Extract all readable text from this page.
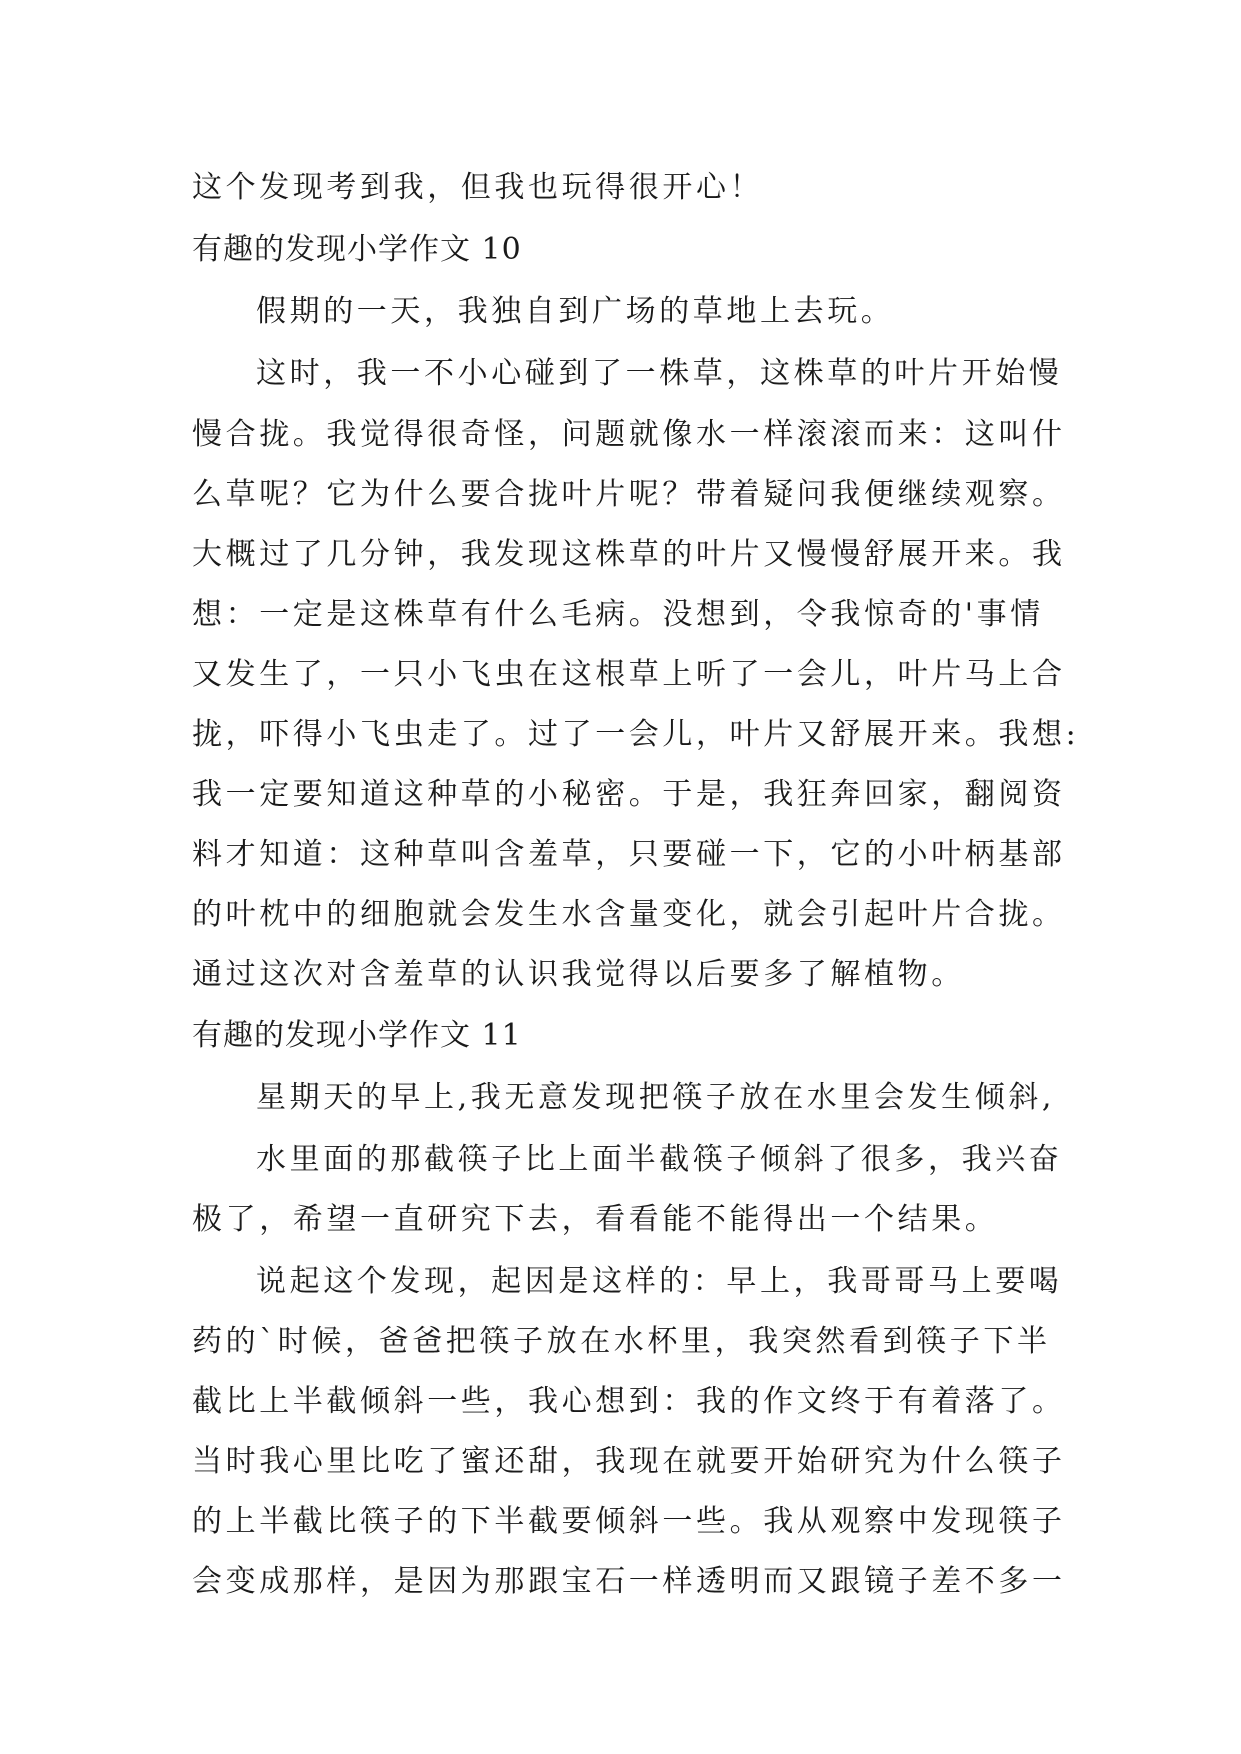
这个发现考到我，但我也玩得很开心！
有趣的发现小学作文 10
假期的一天，我独自到广场的草地上去玩。
这时，我一不小心碰到了一株草，这株草的叶片开始慢
慢合拢。我觉得很奇怪，问题就像水一样滚滚而来：这叫什
么草呢？它为什么要合拢叶片呢？带着疑问我便继续观察。
大概过了几分钟，我发现这株草的叶片又慢慢舒展开来。我
想：一定是这株草有什么毛病。没想到，令我惊奇的'事情
又发生了，一只小飞虫在这根草上听了一会儿，叶片马上合
拢，吓得小飞虫走了。过了一会儿，叶片又舒展开来。我想:
我一定要知道这种草的小秘密。于是，我狂奔回家，翻阅资
料才知道：这种草叫含羞草，只要碰一下，它的小叶柄基部
的叶枕中的细胞就会发生水含量变化，就会引起叶片合拢。
通过这次对含羞草的认识我觉得以后要多了解植物。
有趣的发现小学作文 11
星期天的早上,我无意发现把筷子放在水里会发生倾斜,
水里面的那截筷子比上面半截筷子倾斜了很多，我兴奋
极了，希望一直研究下去，看看能不能得出一个结果。
说起这个发现，起因是这样的：早上，我哥哥马上要喝
药的`时候，爸爸把筷子放在水杯里，我突然看到筷子下半
截比上半截倾斜一些，我心想到：我的作文终于有着落了。
当时我心里比吃了蜜还甜，我现在就要开始研究为什么筷子
的上半截比筷子的下半截要倾斜一些。我从观察中发现筷子
会变成那样，是因为那跟宝石一样透明而又跟镜子差不多一
